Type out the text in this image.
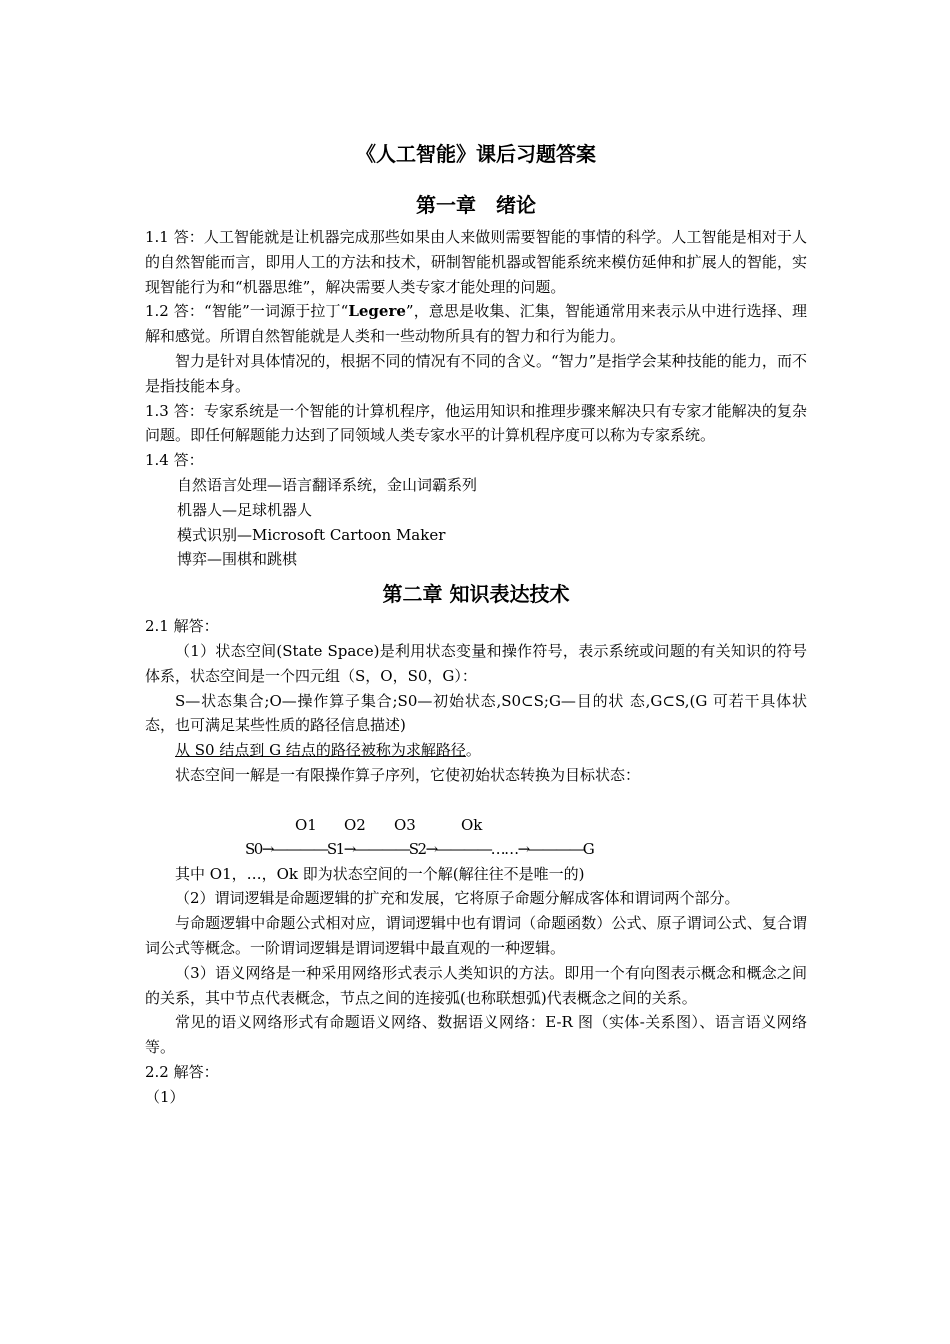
《人工智能》课后习题答案
第一章　绪论

1.1 答：人工智能就是让机器完成那些如果由人来做则需要智能的事情的科学。人工智能是相对于人的自然智能而言，即用人工的方法和技术，研制智能机器或智能系统来模仿延伸和扩展人的智能，实现智能行为和“机器思维”，解决需要人类专家才能处理的问题。

1.2 答：“智能”一词源于拉丁“Legere”，意思是收集、汇集，智能通常用来表示从中进行选择、理解和感觉。所谓自然智能就是人类和一些动物所具有的智力和行为能力。

智力是针对具体情况的，根据不同的情况有不同的含义。“智力”是指学会某种技能的能力，而不是指技能本身。

1.3 答：专家系统是一个智能的计算机程序，他运用知识和推理步骤来解决只有专家才能解决的复杂问题。即任何解题能力达到了同领域人类专家水平的计算机程序度可以称为专家系统。

1.4 答：

自然语言处理—语言翻译系统，金山词霸系列

机器人—足球机器人

模式识别—Microsoft Cartoon Maker

博弈—围棋和跳棋

第二章 知识表达技术

2.1 解答：

（1）状态空间(State Space)是利用状态变量和操作符号，表示系统或问题的有关知识的符号体系，状态空间是一个四元组（S，O，S0，G）：

S—状态集合;O—操作算子集合;S0—初始状态,S0⊂S;G—目的状 态,G⊂S,(G 可若干具体状态，也可满足某些性质的路径信息描述)

从 S0 结点到 G 结点的路径被称为求解路径。

状态空间一解是一有限操作算子序列，它使初始状态转换为目标状态：

O1 O2 O3	Ok
S0→――――S1→――――S2→――――……→――――G

其中 O1，…，Ok 即为状态空间的一个解(解往往不是唯一的)

（2）谓词逻辑是命题逻辑的扩充和发展，它将原子命题分解成客体和谓词两个部分。

与命题逻辑中命题公式相对应，谓词逻辑中也有谓词（命题函数）公式、原子谓词公式、复合谓词公式等概念。一阶谓词逻辑是谓词逻辑中最直观的一种逻辑。

（3）语义网络是一种采用网络形式表示人类知识的方法。即用一个有向图表示概念和概念之间的关系，其中节点代表概念，节点之间的连接弧(也称联想弧)代表概念之间的关系。

常见的语义网络形式有命题语义网络、数据语义网络：E-R 图（实体-关系图）、语言语义网络等。

2.2 解答：

（1）
